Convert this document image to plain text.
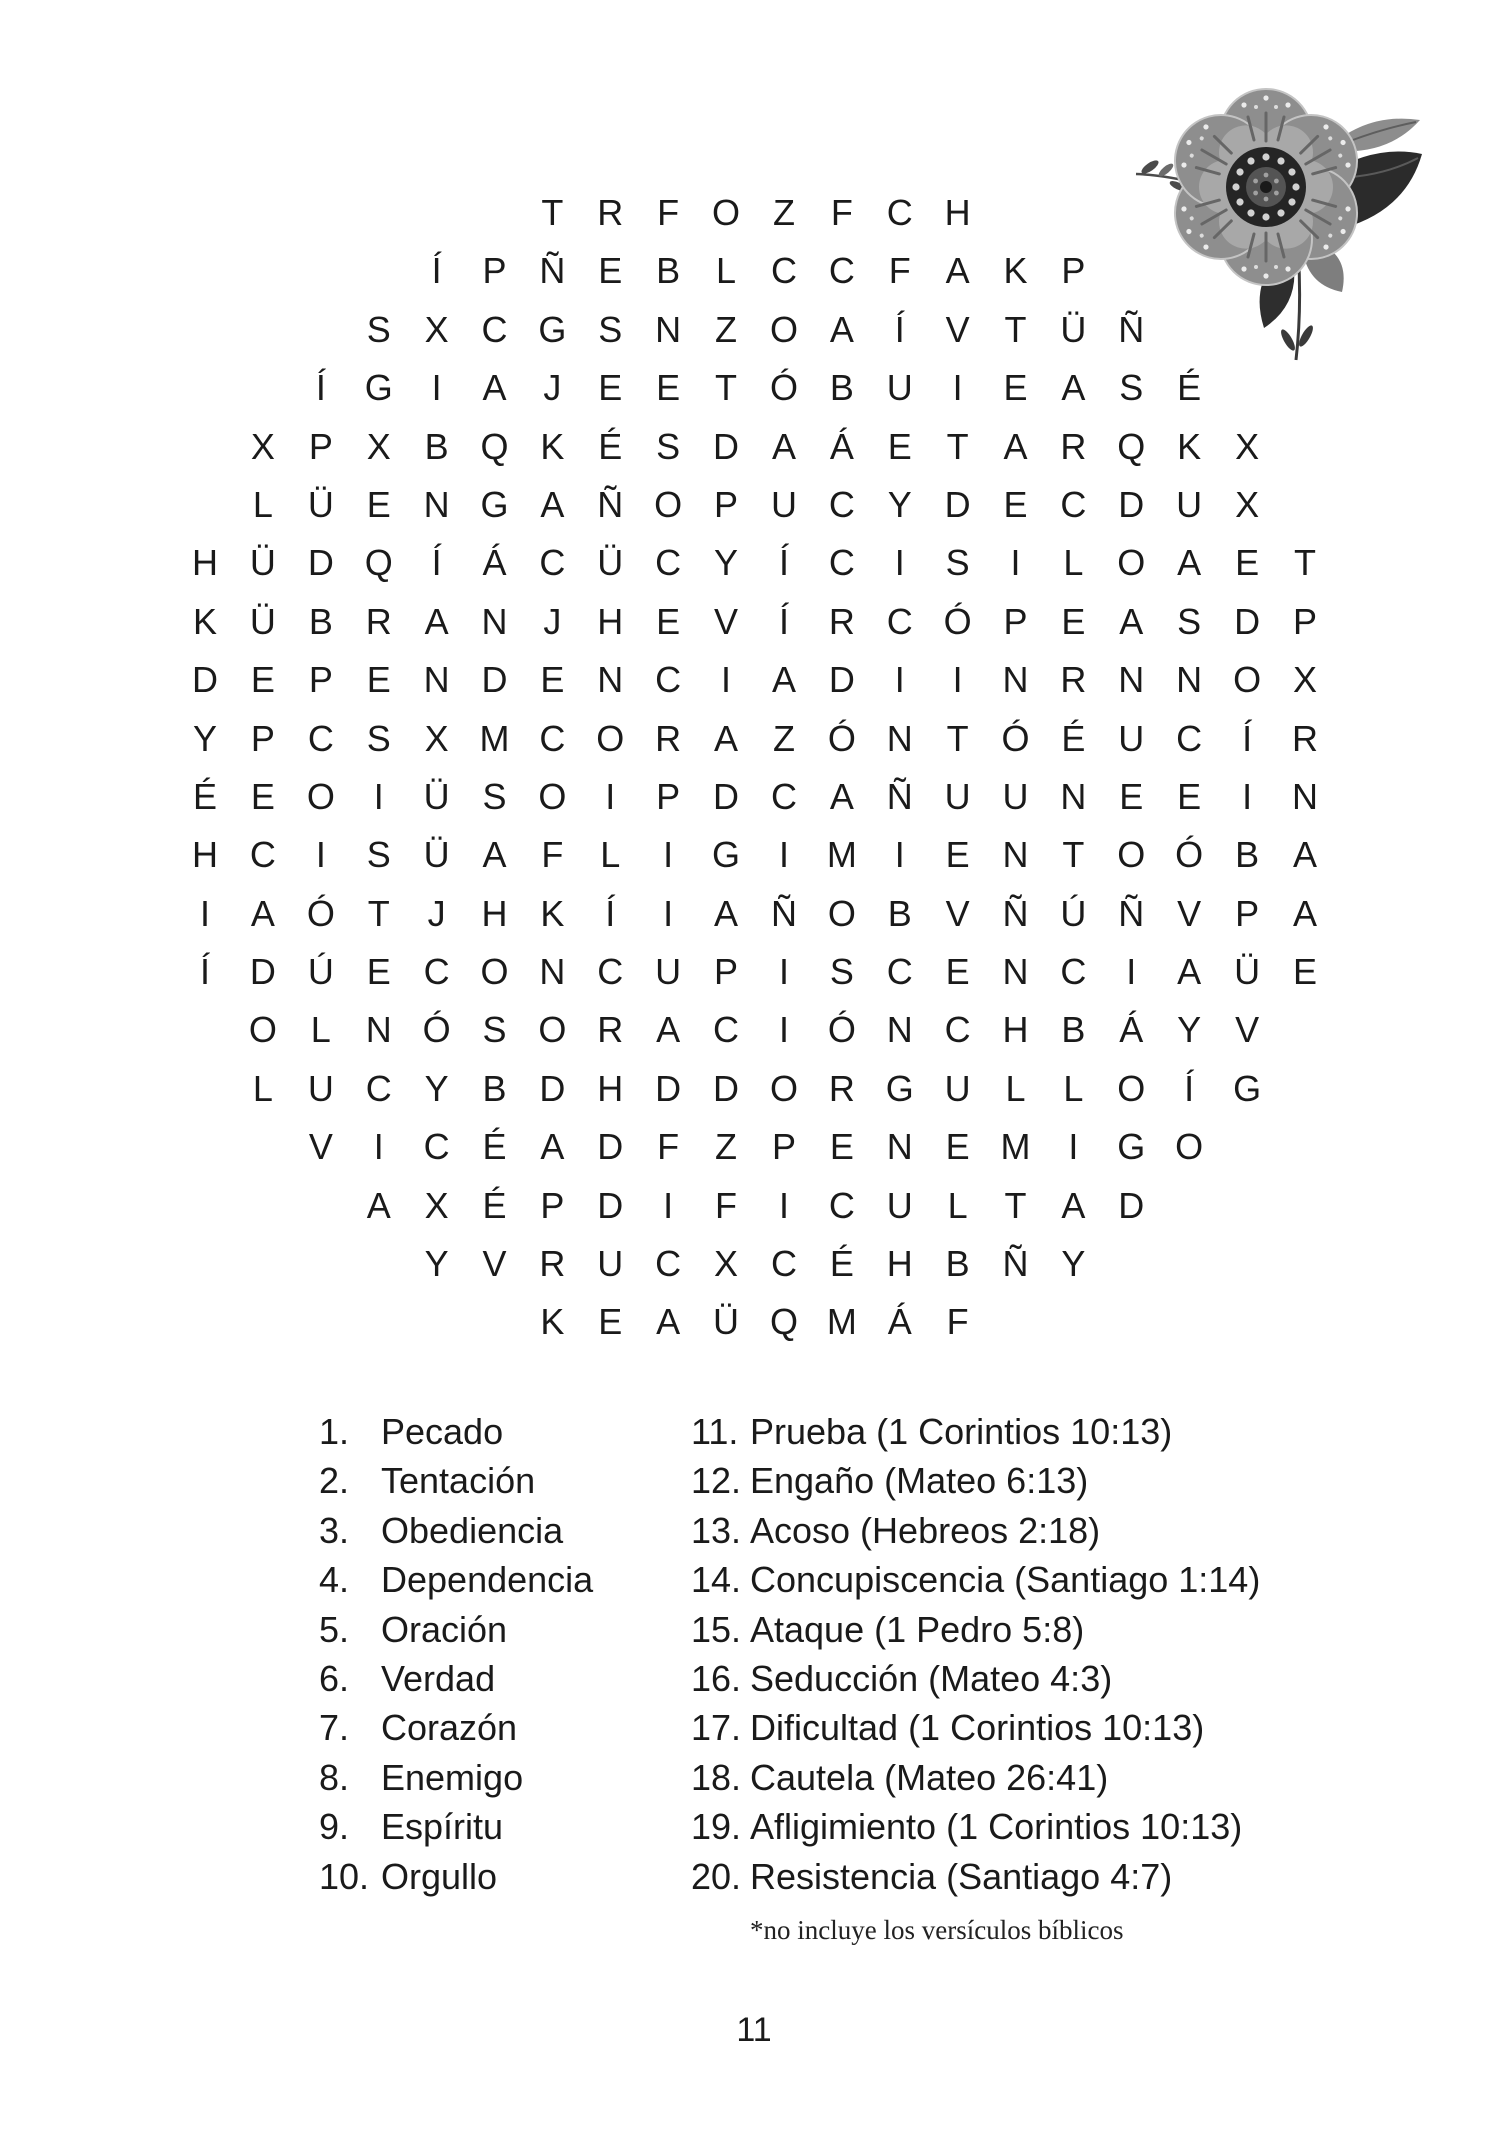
T R F O Z F C H
Í P Ñ E B L C C F A K P
S X C G S N Z O A Í V T Ü Ñ
Í G I A J E E T Ó B U I E A S É
X P X B Q K É S D A Á E T A R Q K X
L Ü E N G A Ñ O P U C Y D E C D U X
H Ü D Q Í Á C Ü C Y Í C I S I L O A E T
K Ü B R A N J H E V Í R C Ó P E A S D P
D E P E N D E N C I A D I I N R N N O X
Y P C S X M C O R A Z Ó N T Ó É U C Í R
É E O I Ü S O I P D C A Ñ U U N E E I N
H C I S Ü A F L I G I M I E N T O Ó B A
I A Ó T J H K Í I A Ñ O B V Ñ Ú Ñ V P A
Í D Ú E C O N C U P I S C E N C I A Ü E
O L N Ó S O R A C I Ó N C H B Á Y V
L U C Y B D H D D O R G U L L O Í G
V I C É A D F Z P E N E M I G O
A X É P D I F I C U L T A D
Y V R U C X C É H B Ñ Y
K E A Ü Q M Á F
1. Pecado
2. Tentación
3. Obediencia
4. Dependencia
5. Oración
6. Verdad
7. Corazón
8. Enemigo
9. Espíritu
10. Orgullo
11. Prueba (1 Corintios 10:13)
12. Engaño (Mateo 6:13)
13. Acoso (Hebreos 2:18)
14. Concupiscencia (Santiago 1:14)
15. Ataque (1 Pedro 5:8)
16. Seducción (Mateo 4:3)
17. Dificultad (1 Corintios 10:13)
18. Cautela (Mateo 26:41)
19. Afligimiento (1 Corintios 10:13)
20. Resistencia (Santiago 4:7)
*no incluye los versículos bíblicos
11
